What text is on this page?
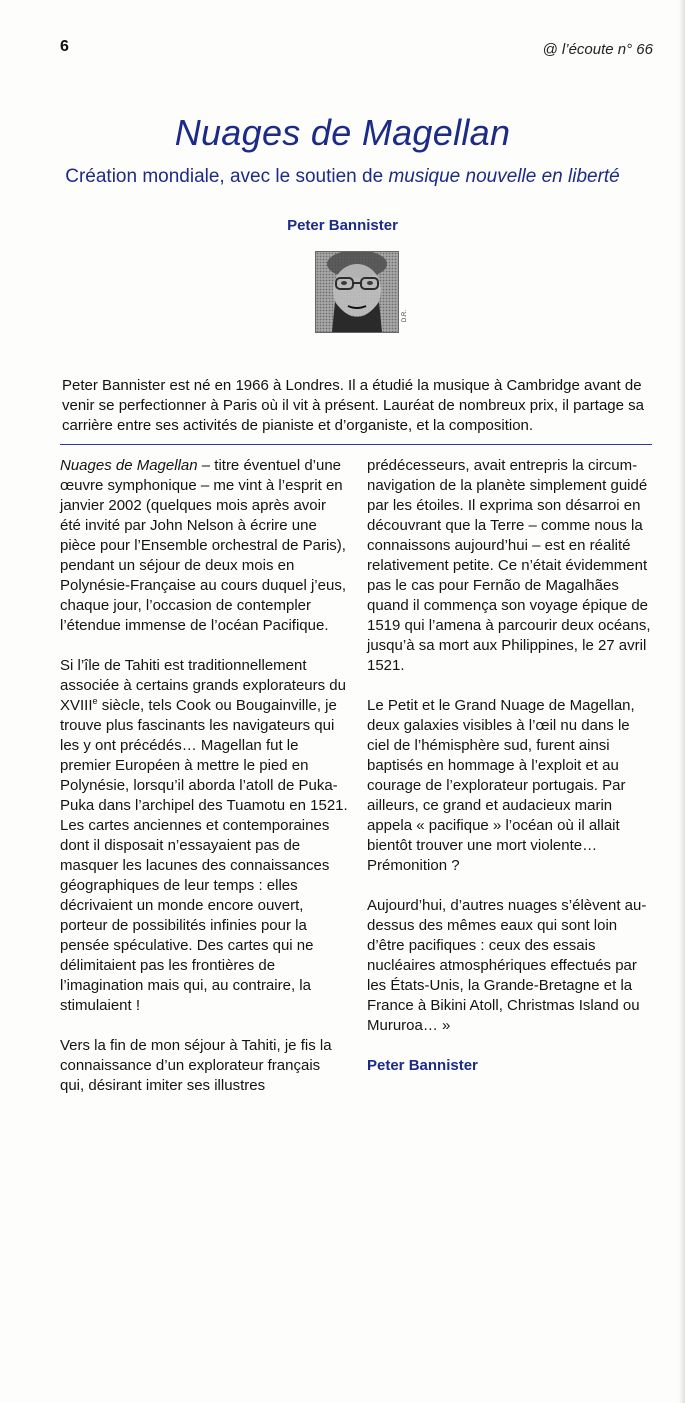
6	@ l’écoute n° 66
Nuages de Magellan

Création mondiale, avec le soutien de musique nouvelle en liberté

Peter Bannister
D.R.

Peter Bannister est né en 1966 à Londres. Il a étudié la musique à Cambridge avant de venir se perfectionner à Paris où il vit à présent. Lauréat de nombreux prix, il partage sa carrière entre ses activités de pianiste et d’organiste, et la composition.

Nuages de Magellan – titre éventuel d’une œuvre symphonique – me vint à l’esprit en janvier 2002 (quelques mois après avoir été invité par John Nelson à écrire une pièce pour l’Ensemble orchestral de Paris), pendant un séjour de deux mois en Polynésie-Française au cours duquel j’eus, chaque jour, l’occasion de contempler l’étendue immense de l’océan Pacifique.

Si l’île de Tahiti est traditionnellement associée à certains grands explorateurs du XVIIIe siècle, tels Cook ou Bougainville, je trouve plus fascinants les navigateurs qui les y ont précédés… Magellan fut le premier Européen à mettre le pied en Polynésie, lorsqu’il aborda l’atoll de Puka-Puka dans l’archipel des Tuamotu en 1521. Les cartes anciennes et contemporaines dont il disposait n’essayaient pas de masquer les lacunes des connaissances géographiques de leur temps : elles décrivaient un monde encore ouvert, porteur de possibilités infinies pour la pensée spéculative. Des cartes qui ne délimitaient pas les frontières de l’imagination mais qui, au contraire, la stimulaient !

Vers la fin de mon séjour à Tahiti, je fis la connaissance d’un explorateur français qui, désirant imiter ses illustres

prédécesseurs, avait entrepris la circum-navigation de la planète simplement guidé par les étoiles. Il exprima son désarroi en découvrant que la Terre – comme nous la connaissons aujourd’hui – est en réalité relativement petite. Ce n’était évidemment pas le cas pour Fernão de Magalhães quand il commença son voyage épique de 1519 qui l’amena à parcourir deux océans, jusqu’à sa mort aux Philippines, le 27 avril 1521.

Le Petit et le Grand Nuage de Magellan, deux galaxies visibles à l’œil nu dans le ciel de l’hémisphère sud, furent ainsi baptisés en hommage à l’exploit et au courage de l’explorateur portugais. Par ailleurs, ce grand et audacieux marin appela « pacifique » l’océan où il allait bientôt trouver une mort violente… Prémonition ?

Aujourd’hui, d’autres nuages s’élèvent au-dessus des mêmes eaux qui sont loin d’être pacifiques : ceux des essais nucléaires atmosphériques effectués par les États-Unis, la Grande-Bretagne et la France à Bikini Atoll, Christmas Island ou Mururoa… »

Peter Bannister
